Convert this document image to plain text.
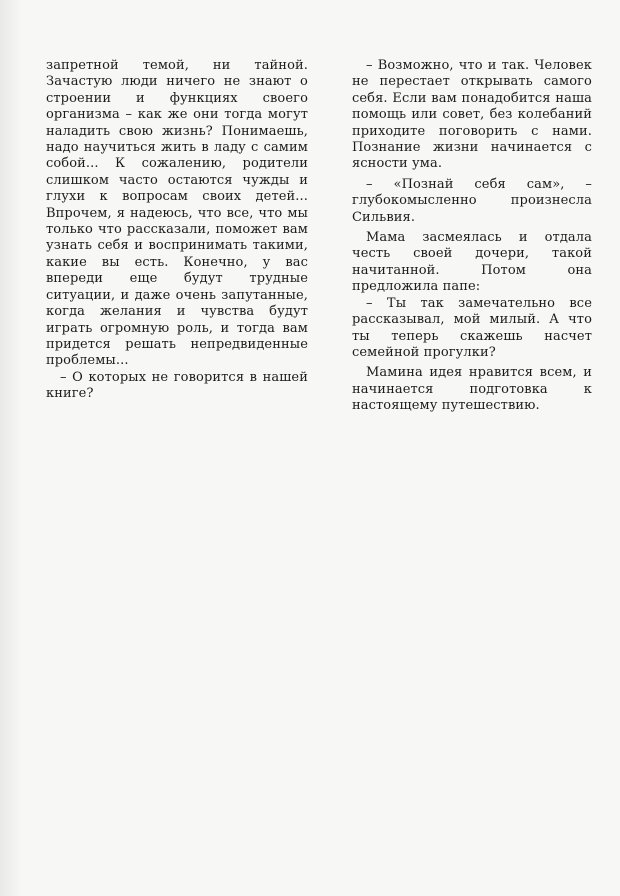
запретной темой, ни тайной. Зачастую люди ничего не знают о строении и функциях своего организма – как же они тогда могут наладить свою жизнь? Понимаешь, надо научиться жить в ладу с самим собой... К сожалению, родители слишком часто остаются чужды и глухи к вопросам своих детей... Впрочем, я надеюсь, что все, что мы только что рассказали, поможет вам узнать себя и воспринимать такими, какие вы есть. Конечно, у вас впереди еще будут трудные ситуации, и даже очень запутанные, когда желания и чувства будут играть огромную роль, и тогда вам придется решать непредвиденные проблемы...

– О которых не говорится в нашей книге?

– Возможно, что и так. Человек не перестает открывать самого себя. Если вам понадобится наша помощь или совет, без колебаний приходите поговорить с нами. Познание жизни начинается с ясности ума.

– «Познай себя сам», – глубокомысленно произнесла Сильвия.

Мама засмеялась и отдала честь своей дочери, такой начитанной. Потом она предложила папе:

– Ты так замечательно все рассказывал, мой милый. А что ты теперь скажешь насчет семейной прогулки?

Мамина идея нравится всем, и начинается подготовка к настоящему путешествию.
